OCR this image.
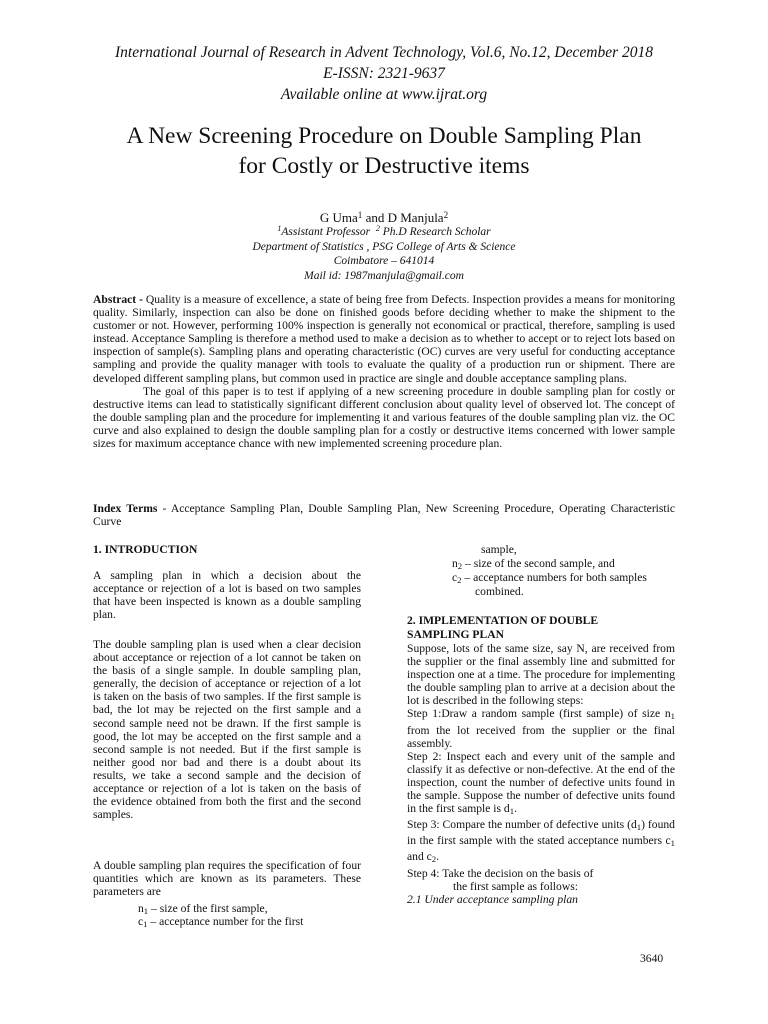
International Journal of Research in Advent Technology, Vol.6, No.12, December 2018
E-ISSN: 2321-9637
Available online at www.ijrat.org
A New Screening Procedure on Double Sampling Plan
for Costly or Destructive items
G Uma$^1$ and D Manjula$^2$
$^1$Assistant Professor $^2$ Ph.D Research Scholar
Department of Statistics , PSG College of Arts & Science
Coimbatore – 641014
Mail id: 1987manjula@gmail.com
Abstract - Quality is a measure of excellence, a state of being free from Defects. Inspection provides a means for monitoring quality. Similarly, inspection can also be done on finished goods before deciding whether to make the shipment to the customer or not. However, performing 100% inspection is generally not economical or practical, therefore, sampling is used instead. Acceptance Sampling is therefore a method used to make a decision as to whether to accept or to reject lots based on inspection of sample(s). Sampling plans and operating characteristic (OC) curves are very useful for conducting acceptance sampling and provide the quality manager with tools to evaluate the quality of a production run or shipment. There are developed different sampling plans, but common used in practice are single and double acceptance sampling plans.
The goal of this paper is to test if applying of a new screening procedure in double sampling plan for costly or destructive items can lead to statistically significant different conclusion about quality level of observed lot. The concept of the double sampling plan and the procedure for implementing it and various features of the double sampling plan viz. the OC curve and also explained to design the double sampling plan for a costly or destructive items concerned with lower sample sizes for maximum acceptance chance with new implemented screening procedure plan.
Index Terms - Acceptance Sampling Plan, Double Sampling Plan, New Screening Procedure, Operating Characteristic Curve
1. INTRODUCTION
A sampling plan in which a decision about the acceptance or rejection of a lot is based on two samples that have been inspected is known as a double sampling plan.
The double sampling plan is used when a clear decision about acceptance or rejection of a lot cannot be taken on the basis of a single sample. In double sampling plan, generally, the decision of acceptance or rejection of a lot is taken on the basis of two samples. If the first sample is bad, the lot may be rejected on the first sample and a second sample need not be drawn. If the first sample is good, the lot may be accepted on the first sample and a second sample is not needed. But if the first sample is neither good nor bad and there is a doubt about its results, we take a second sample and the decision of acceptance or rejection of a lot is taken on the basis of the evidence obtained from both the first and the second samples.
A double sampling plan requires the specification of four quantities which are known as its parameters. These parameters are
$n_1$ – size of the first sample,
$c_1$ – acceptance number for the first
sample,
$n_2$ – size of the second sample, and
$c_2$ – acceptance numbers for both samples
combined.
2. IMPLEMENTATION OF DOUBLE
SAMPLING PLAN
Suppose, lots of the same size, say N, are received from the supplier or the final assembly line and submitted for inspection one at a time. The procedure for implementing the double sampling plan to arrive at a decision about the lot is described in the following steps:
Step 1:Draw a random sample (first sample) of size $n_1$ from the lot received from the supplier or the final assembly.
Step 2: Inspect each and every unit of the sample and classify it as defective or non-defective. At the end of the inspection, count the number of defective units found in the sample. Suppose the number of defective units found in the first sample is $d_1$.
Step 3: Compare the number of defective units $(d_1)$ found in the first sample with the stated acceptance numbers $c_1$ and $c_2$.
Step 4: Take the decision on the basis of
the first sample as follows:
2.1 Under acceptance sampling plan
3640
